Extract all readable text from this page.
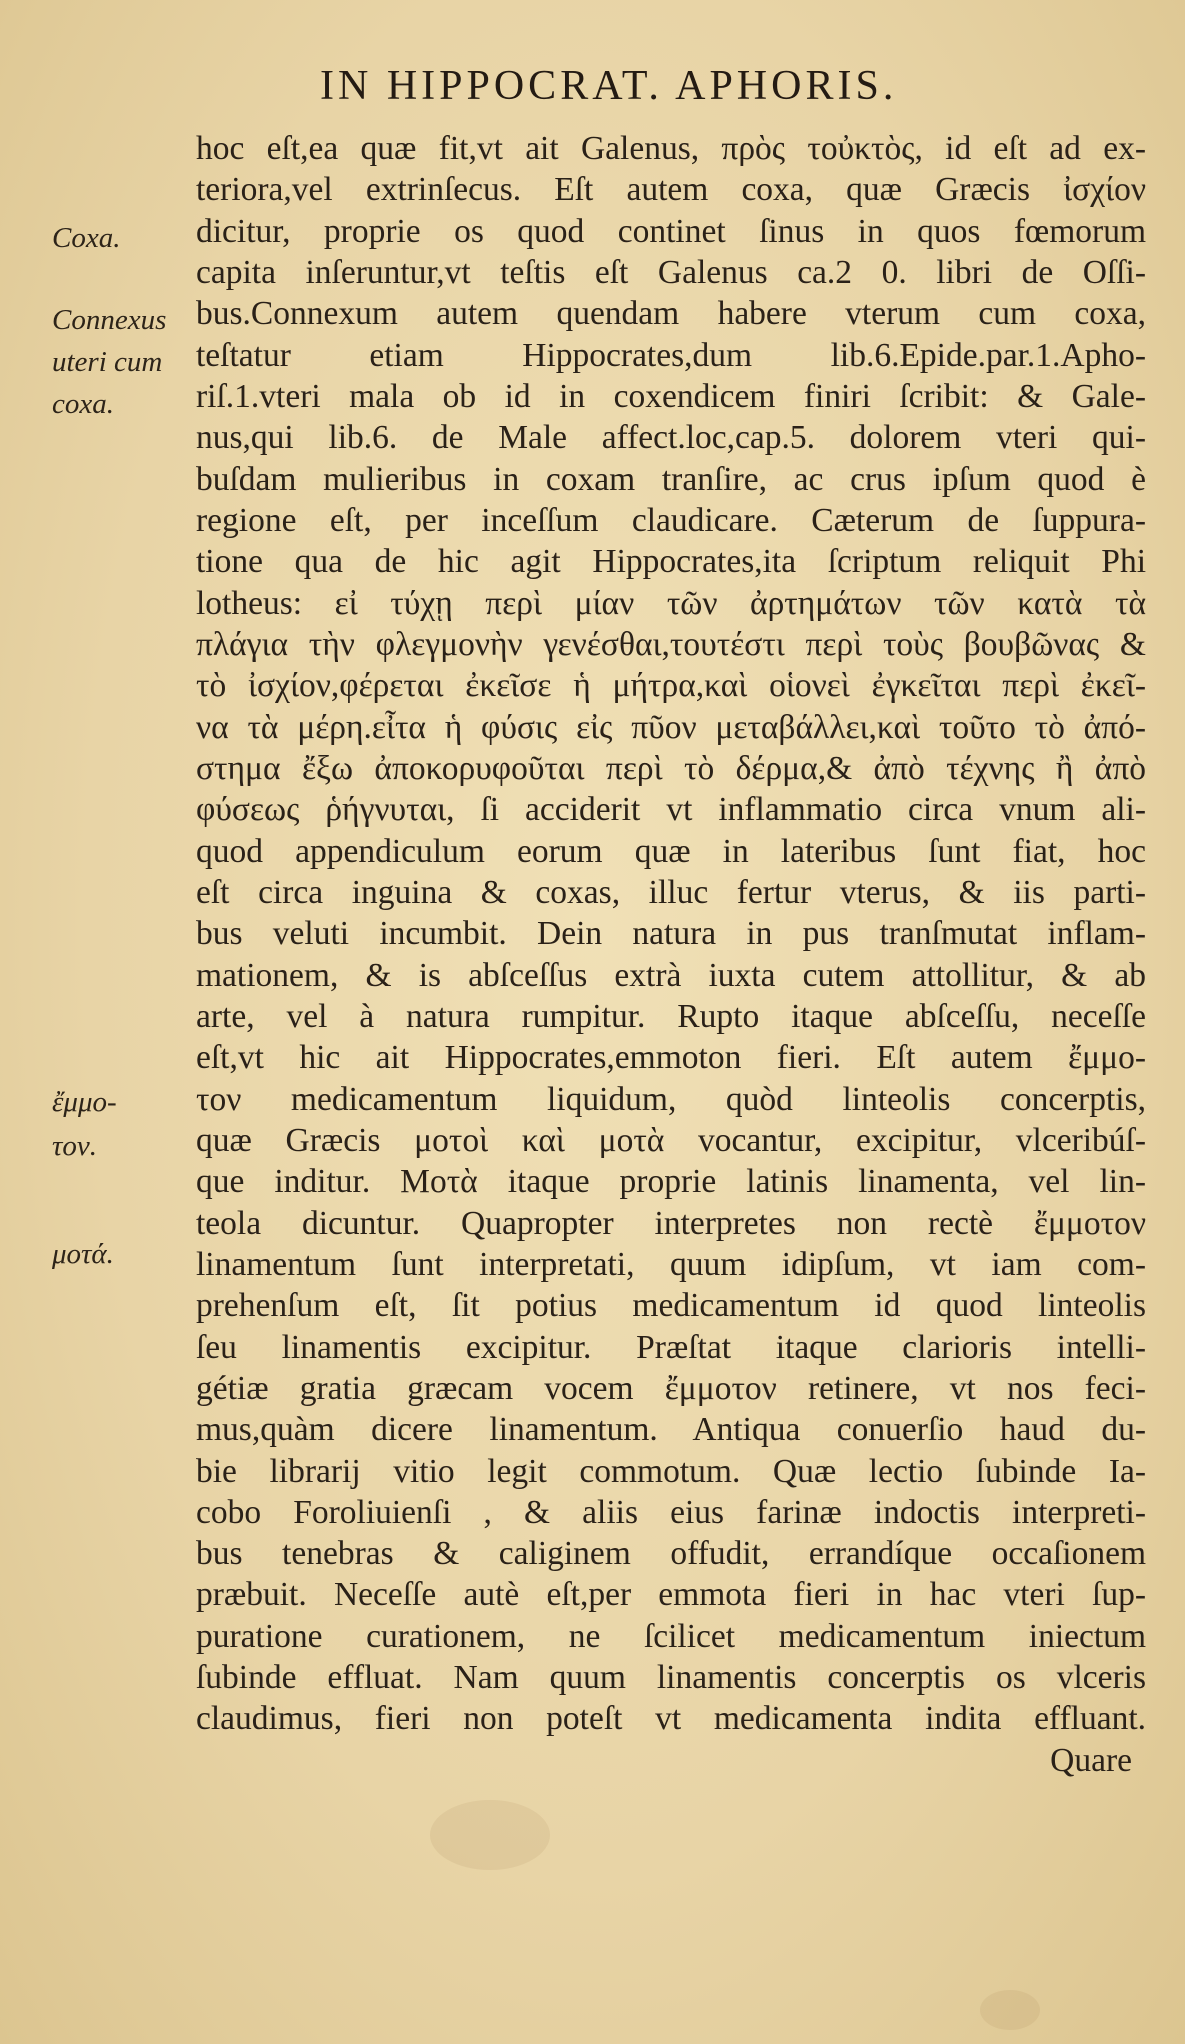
IN HIPPOCRAT. APHORIS.
Coxa.
Connexus
uteri cum
coxa.
ἔμμο-
τον.
μοτά.
hoc eſt,ea quæ fit,vt ait Galenus, πρὸς τοὐκτὸς, id eſt ad ex-
teriora,vel extrinſecus. Eſt autem coxa, quæ Græcis ἰσχίον
dicitur, proprie os quod continet ſinus in quos fœmorum
capita inſeruntur,vt teſtis eſt Galenus ca.2 0. libri de Oſſi-
bus.Connexum autem quendam habere vterum cum coxa,
teſtatur etiam Hippocrates,dum lib.6.Epide.par.1.Apho-
riſ.1.vteri mala ob id in coxendicem finiri ſcribit: & Gale-
nus,qui lib.6. de Male affect.loc,cap.5. dolorem vteri qui-
buſdam mulieribus in coxam tranſire, ac crus ipſum quod è
regione eſt, per inceſſum claudicare. Cæterum de ſuppura-
tione qua de hic agit Hippocrates,ita ſcriptum reliquit Phi
lotheus: εἰ τύχῃ περὶ μίαν τῶν ἀρτημάτων τῶν κατὰ τὰ
πλάγια τὴν φλεγμονὴν γενέσθαι,τουτέστι περὶ τοὺς βουβῶνας &
τὸ ἰσχίον,φέρεται ἐκεῖσε ἡ μήτρα,καὶ οἱονεὶ ἐγκεῖται περὶ ἐκεῖ-
να τὰ μέρη.εἶτα ἡ φύσις εἰς πῦον μεταβάλλει,καὶ τοῦτο τὸ ἀπό-
στημα ἔξω ἀποκορυφοῦται περὶ τὸ δέρμα,& ἀπὸ τέχνης ἢ ἀπὸ
φύσεως ῥήγνυται, ſi acciderit vt inflammatio circa vnum ali-
quod appendiculum eorum quæ in lateribus ſunt fiat, hoc
eſt circa inguina & coxas, illuc fertur vterus, & iis parti-
bus veluti incumbit. Dein natura in pus tranſmutat inflam-
mationem, & is abſceſſus extrà iuxta cutem attollitur, & ab
arte, vel à natura rumpitur. Rupto itaque abſceſſu, neceſſe
eſt,vt hic ait Hippocrates,emmoton fieri. Eſt autem ἔμμο-
τον medicamentum liquidum, quòd linteolis concerptis,
quæ Græcis μοτοὶ καὶ μοτὰ vocantur, excipitur, vlceribúſ-
que inditur. Μοτὰ itaque proprie latinis linamenta, vel lin-
teola dicuntur. Quapropter interpretes non rectè ἔμμοτον
linamentum ſunt interpretati, quum idipſum, vt iam com-
prehenſum eſt, ſit potius medicamentum id quod linteolis
ſeu linamentis excipitur. Præſtat itaque clarioris intelli-
gétiæ gratia græcam vocem ἔμμοτον retinere, vt nos feci-
mus,quàm dicere linamentum. Antiqua conuerſio haud du-
bie librarij vitio legit commotum. Quæ lectio ſubinde Ia-
cobo Foroliuienſi , & aliis eius farinæ indoctis interpreti-
bus tenebras & caliginem offudit, errandíque occaſionem
præbuit. Neceſſe autè eſt,per emmota fieri in hac vteri ſup-
puratione curationem, ne ſcilicet medicamentum iniectum
ſubinde effluat. Nam quum linamentis concerptis os vlceris
claudimus, fieri non poteſt vt medicamenta indita effluant.
Quare
